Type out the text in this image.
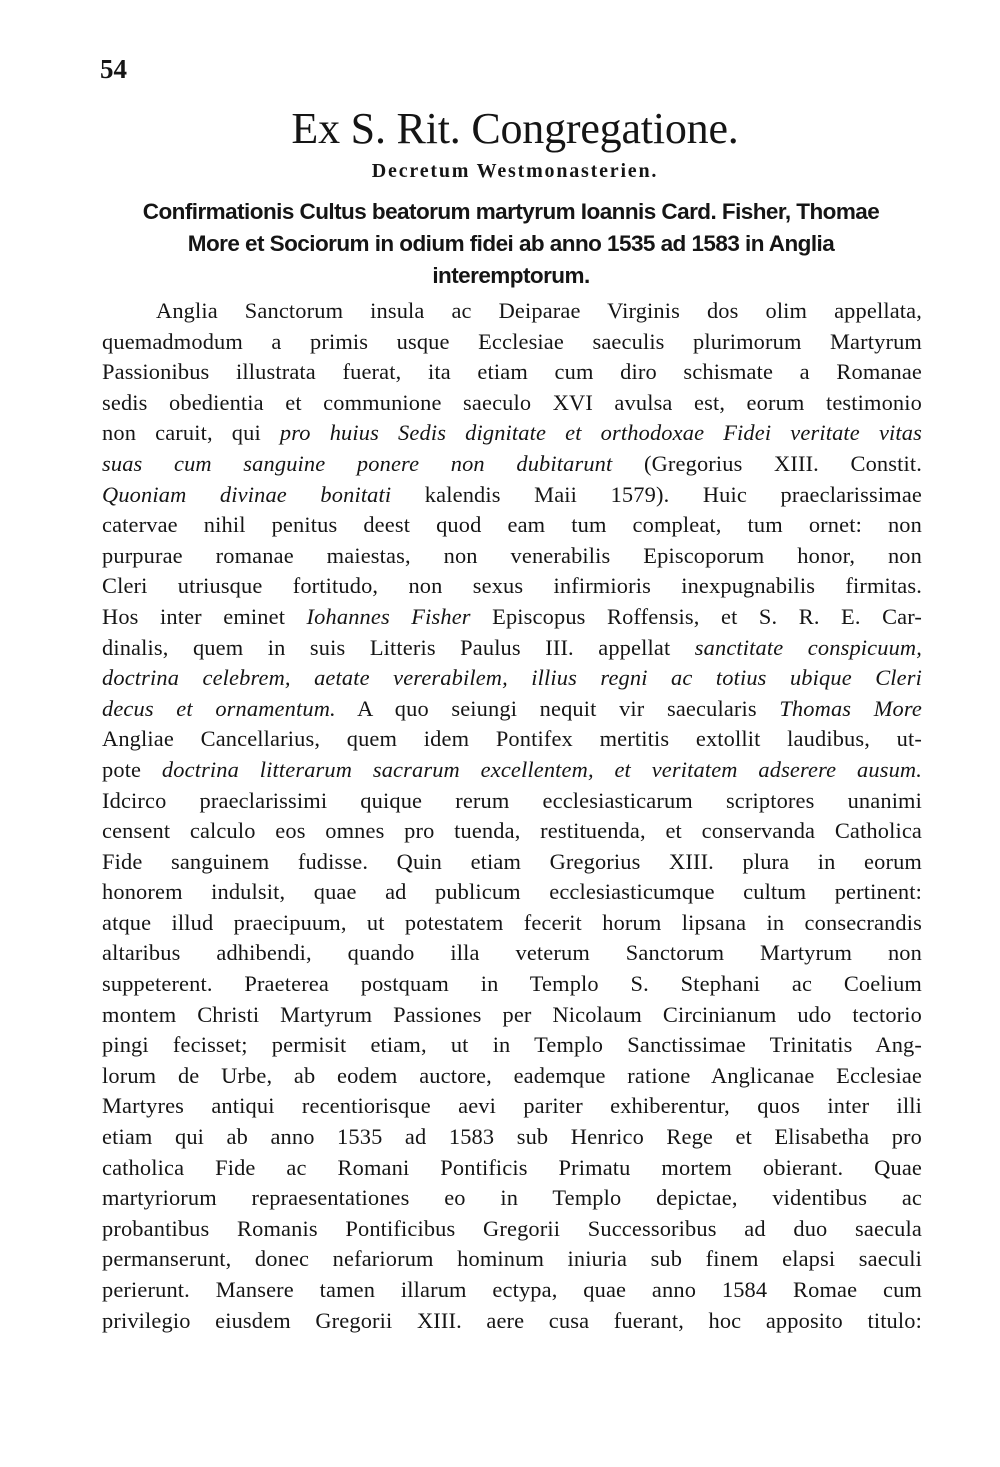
54
Ex S. Rit. Congregatione.
Decretum Westmonasterien.
Confirmationis Cultus beatorum martyrum Ioannis Card. Fisher, Thomae
More et Sociorum in odium fidei ab anno 1535 ad 1583 in Anglia
interemptorum.
Anglia Sanctorum insula ac Deiparae Virginis dos olim appellata,
quemadmodum a primis usque Ecclesiae saeculis plurimorum Martyrum
Passionibus illustrata fuerat, ita etiam cum diro schismate a Romanae
sedis obedientia et communione saeculo XVI avulsa est, eorum testimonio
non caruit, qui pro huius Sedis dignitate et orthodoxae Fidei veritate vitas
suas cum sanguine ponere non dubitarunt (Gregorius XIII. Constit.
Quoniam divinae bonitati kalendis Maii 1579). Huic praeclarissimae
catervae nihil penitus deest quod eam tum compleat, tum ornet: non
purpurae romanae maiestas, non venerabilis Episcoporum honor, non
Cleri utriusque fortitudo, non sexus infirmioris inexpugnabilis firmitas.
Hos inter eminet Iohannes Fisher Episcopus Roffensis, et S. R. E. Car-
dinalis, quem in suis Litteris Paulus III. appellat sanctitate conspicuum,
doctrina celebrem, aetate vererabilem, illius regni ac totius ubique Cleri
decus et ornamentum. A quo seiungi nequit vir saecularis Thomas More
Angliae Cancellarius, quem idem Pontifex mertitis extollit laudibus, ut-
pote doctrina litterarum sacrarum excellentem, et veritatem adserere ausum.
Idcirco praeclarissimi quique rerum ecclesiasticarum scriptores unanimi
censent calculo eos omnes pro tuenda, restituenda, et conservanda Catholica
Fide sanguinem fudisse. Quin etiam Gregorius XIII. plura in eorum
honorem indulsit, quae ad publicum ecclesiasticumque cultum pertinent:
atque illud praecipuum, ut potestatem fecerit horum lipsana in consecrandis
altaribus adhibendi, quando illa veterum Sanctorum Martyrum non
suppeterent. Praeterea postquam in Templo S. Stephani ac Coelium
montem Christi Martyrum Passiones per Nicolaum Circinianum udo tectorio
pingi fecisset; permisit etiam, ut in Templo Sanctissimae Trinitatis Ang-
lorum de Urbe, ab eodem auctore, eademque ratione Anglicanae Ecclesiae
Martyres antiqui recentiorisque aevi pariter exhiberentur, quos inter illi
etiam qui ab anno 1535 ad 1583 sub Henrico Rege et Elisabetha pro
catholica Fide ac Romani Pontificis Primatu mortem obierant. Quae
martyriorum repraesentationes eo in Templo depictae, videntibus ac
probantibus Romanis Pontificibus Gregorii Successoribus ad duo saecula
permanserunt, donec nefariorum hominum iniuria sub finem elapsi saeculi
perierunt. Mansere tamen illarum ectypa, quae anno 1584 Romae cum
privilegio eiusdem Gregorii XIII. aere cusa fuerant, hoc apposito titulo:
